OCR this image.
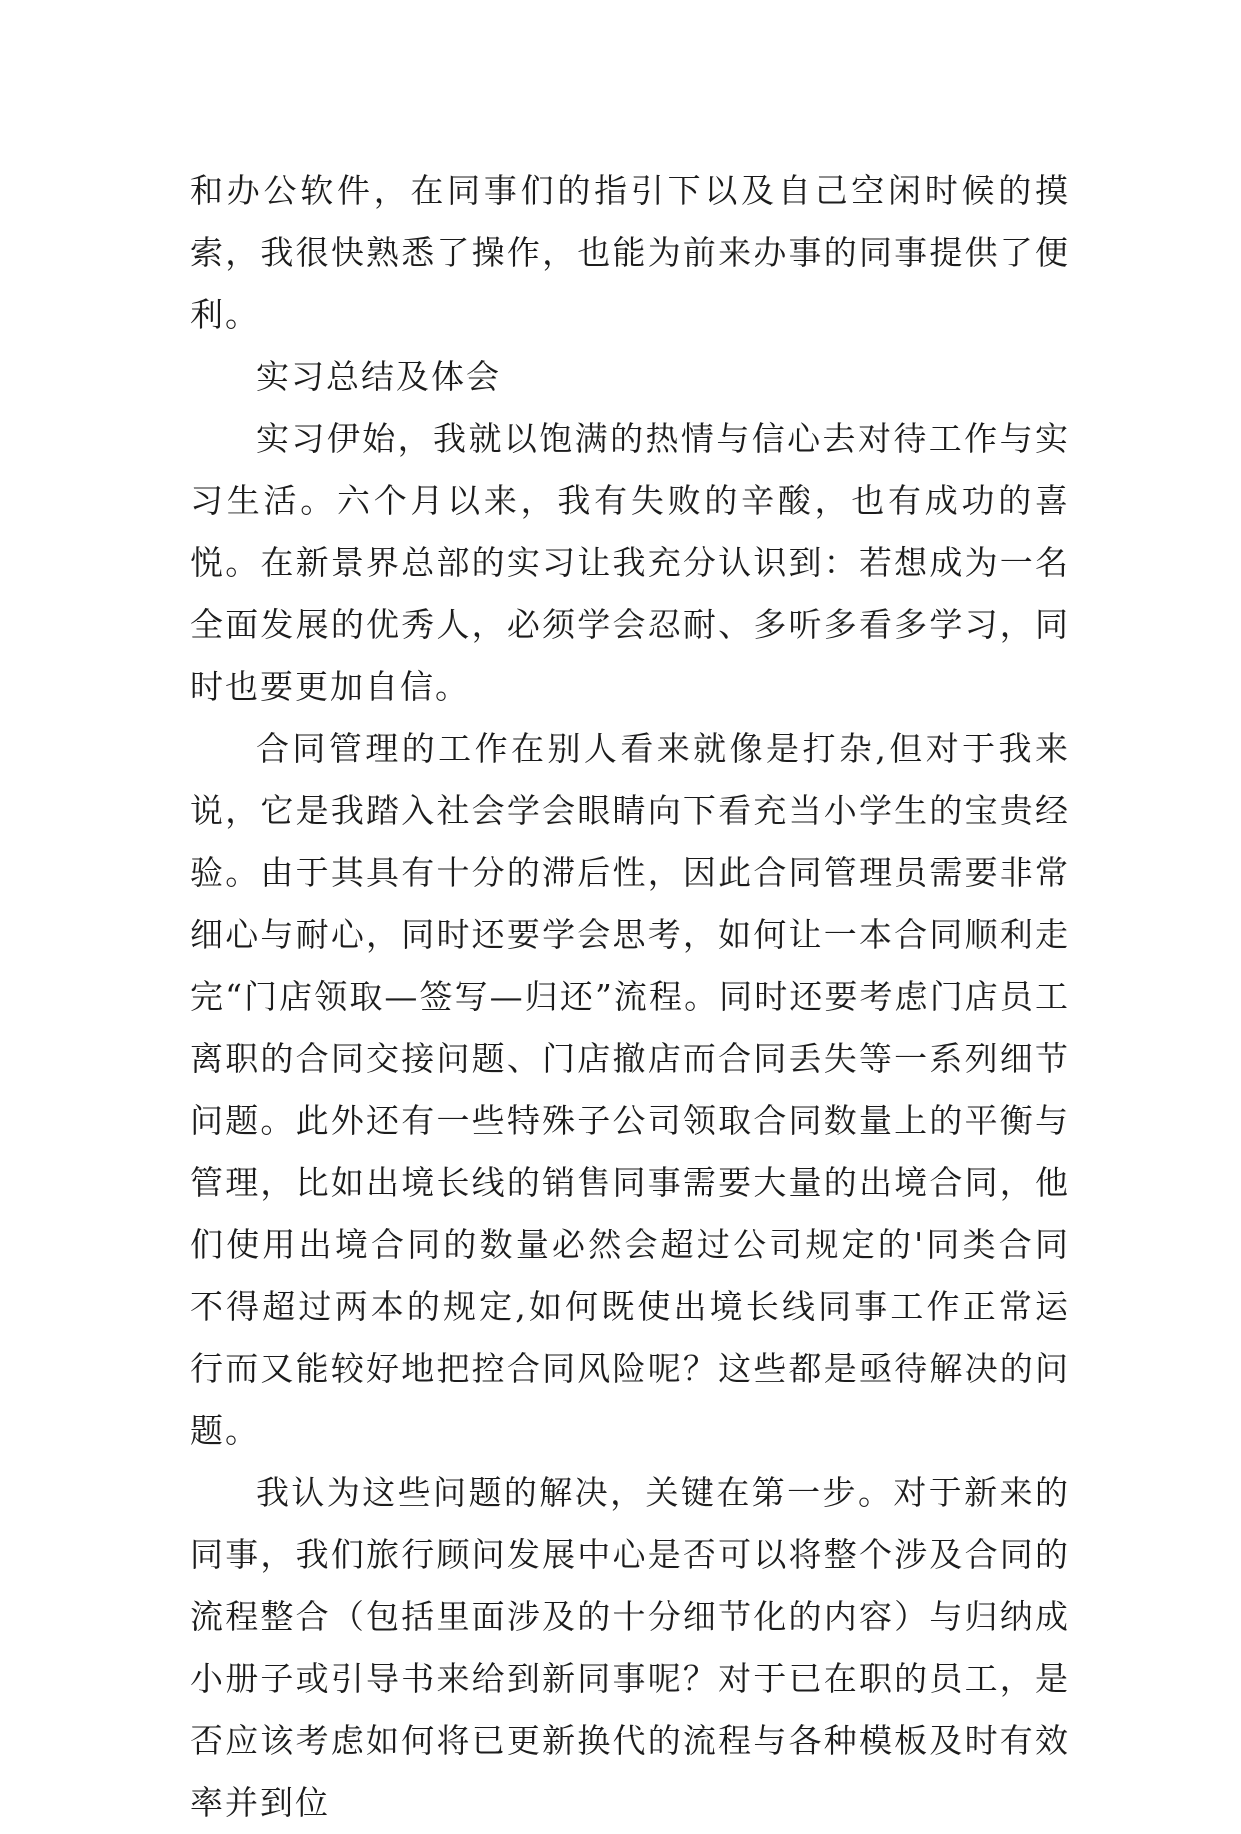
和办公软件，在同事们的指引下以及自己空闲时候的摸索，我很快熟悉了操作，也能为前来办事的同事提供了便利。

实习总结及体会

实习伊始，我就以饱满的热情与信心去对待工作与实习生活。六个月以来，我有失败的辛酸，也有成功的喜悦。在新景界总部的实习让我充分认识到：若想成为一名全面发展的优秀人，必须学会忍耐、多听多看多学习，同时也要更加自信。

合同管理的工作在别人看来就像是打杂,但对于我来说，它是我踏入社会学会眼睛向下看充当小学生的宝贵经验。由于其具有十分的滞后性，因此合同管理员需要非常细心与耐心，同时还要学会思考，如何让一本合同顺利走完“门店领取—签写—归还”流程。同时还要考虑门店员工离职的合同交接问题、门店撤店而合同丢失等一系列细节问题。此外还有一些特殊子公司领取合同数量上的平衡与管理，比如出境长线的销售同事需要大量的出境合同，他们使用出境合同的数量必然会超过公司规定的'同类合同不得超过两本的规定,如何既使出境长线同事工作正常运行而又能较好地把控合同风险呢？这些都是亟待解决的问题。

我认为这些问题的解决，关键在第一步。对于新来的同事，我们旅行顾问发展中心是否可以将整个涉及合同的流程整合（包括里面涉及的十分细节化的内容）与归纳成小册子或引导书来给到新同事呢？对于已在职的员工，是否应该考虑如何将已更新换代的流程与各种模板及时有效率并到位
